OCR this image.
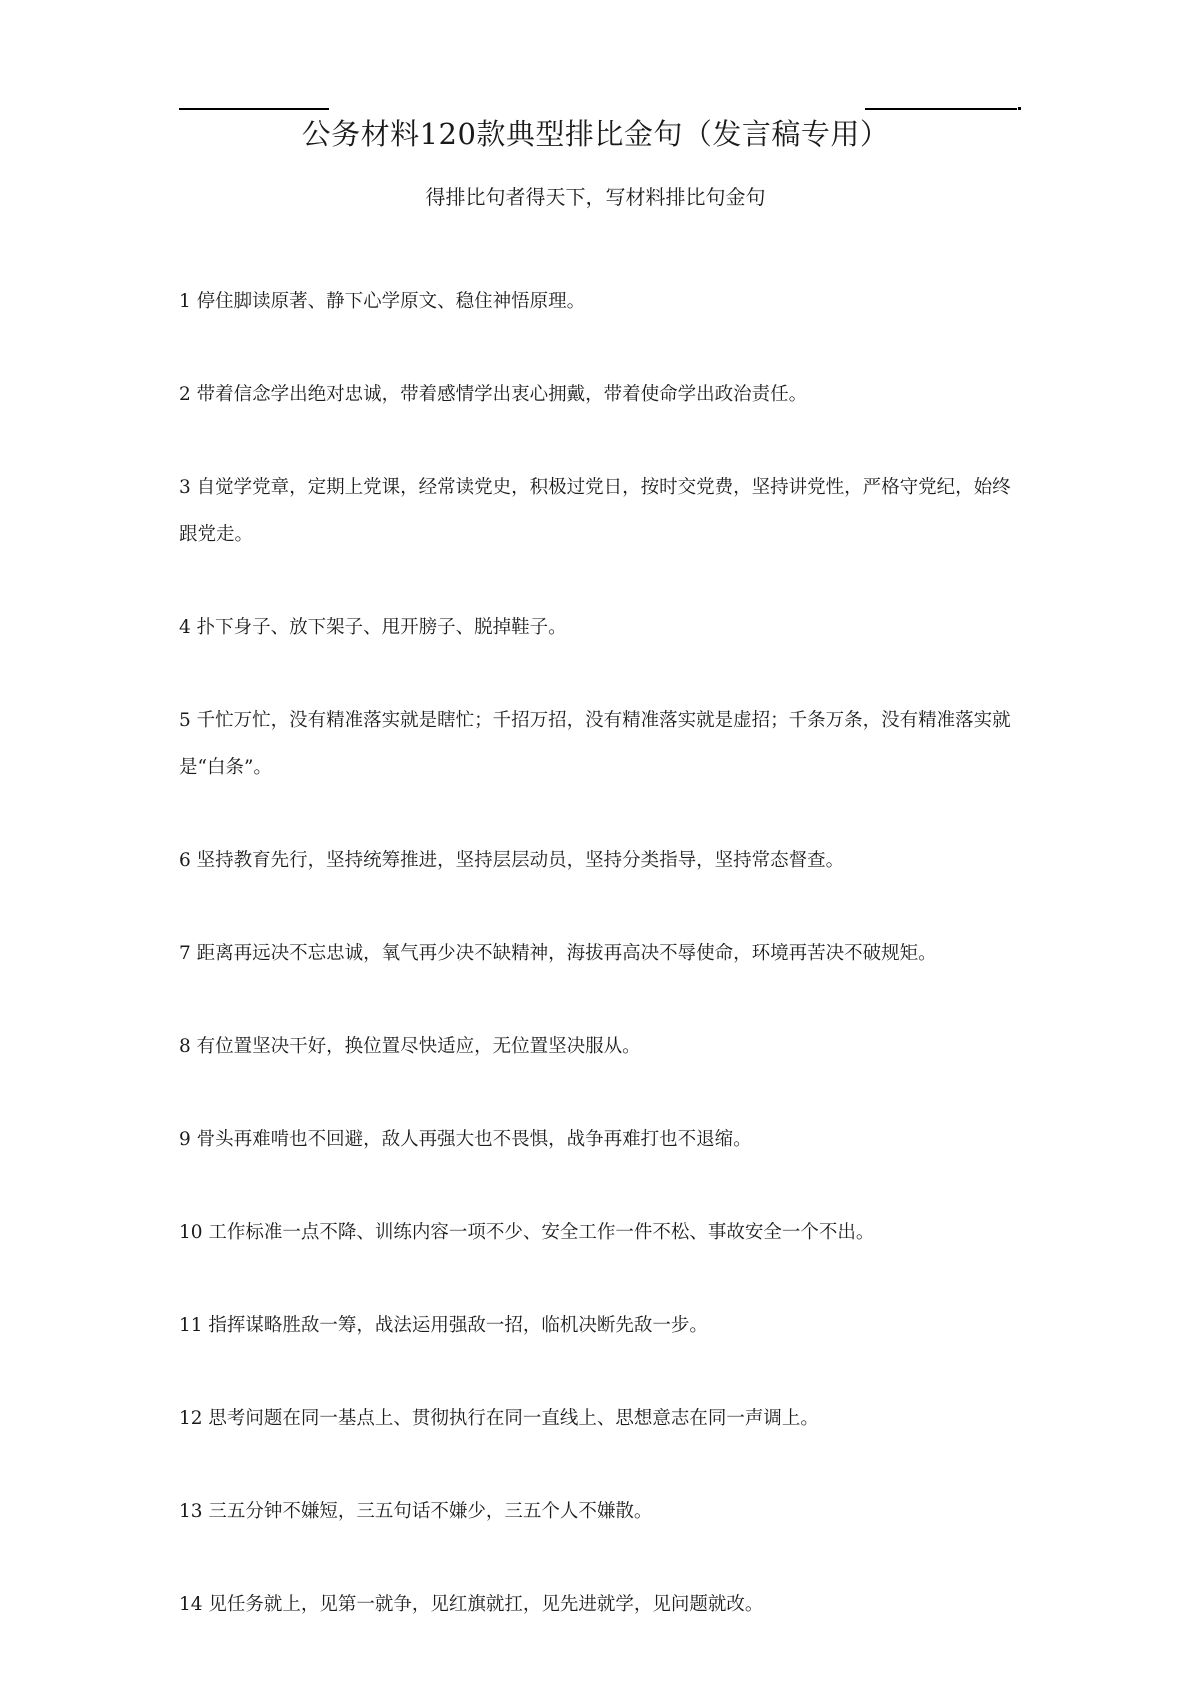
公务材料120款典型排比金句（发言稿专用）

得排比句者得天下，写材料排比句金句

1 停住脚读原著、静下心学原文、稳住神悟原理。
2 带着信念学出绝对忠诚，带着感情学出衷心拥戴，带着使命学出政治责任。
3 自觉学党章，定期上党课，经常读党史，积极过党日，按时交党费，坚持讲党性，严格守党纪，始终跟党走。
4 扑下身子、放下架子、甩开膀子、脱掉鞋子。
5 千忙万忙，没有精准落实就是瞎忙；千招万招，没有精准落实就是虚招；千条万条，没有精准落实就是“白条”。
6 坚持教育先行，坚持统筹推进，坚持层层动员，坚持分类指导，坚持常态督查。
7 距离再远决不忘忠诚，氧气再少决不缺精神，海拔再高决不辱使命，环境再苦决不破规矩。
8 有位置坚决干好，换位置尽快适应，无位置坚决服从。
9 骨头再难啃也不回避，敌人再强大也不畏惧，战争再难打也不退缩。
10 工作标准一点不降、训练内容一项不少、安全工作一件不松、事故安全一个不出。
11 指挥谋略胜敌一筹，战法运用强敌一招，临机决断先敌一步。
12 思考问题在同一基点上、贯彻执行在同一直线上、思想意志在同一声调上。
13 三五分钟不嫌短，三五句话不嫌少，三五个人不嫌散。
14 见任务就上，见第一就争，见红旗就扛，见先进就学，见问题就改。
